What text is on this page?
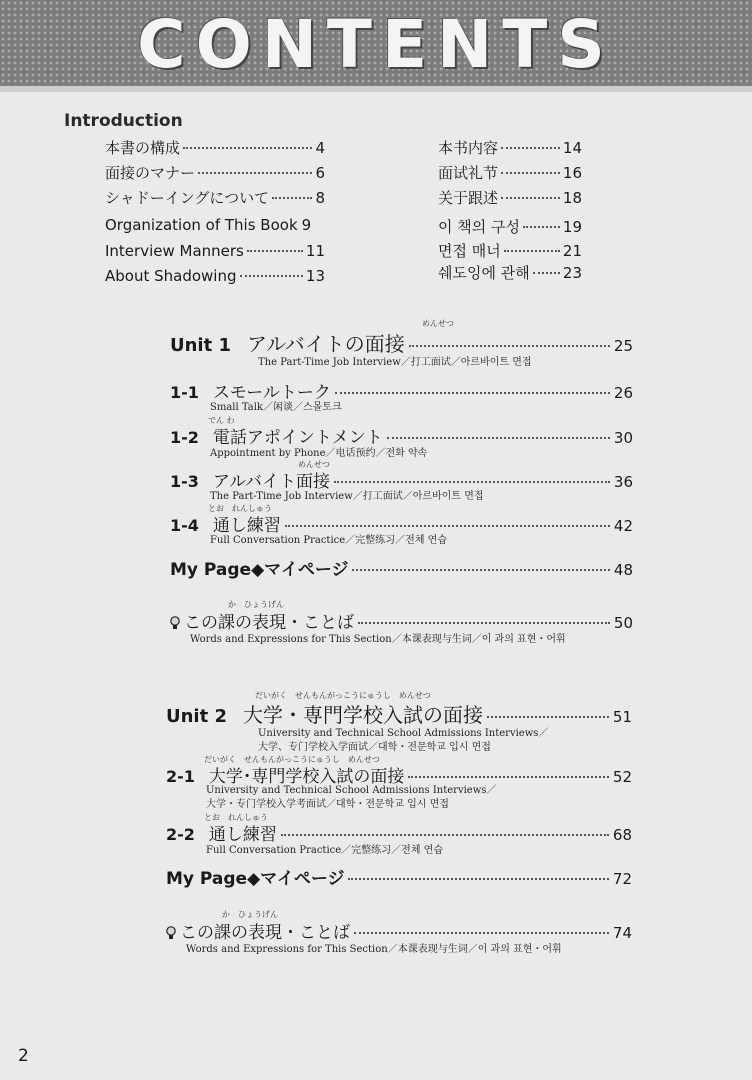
CONTENTS
Introduction
本書の構成	4
面接のマナー	6
シャドーイングについて	8
Organization of This Book 9
Interview Manners	11
About Shadowing	13
本书内容	14
面试礼节	16
关于跟述	18
이 책의 구성	19
면접 매너	21
쉐도잉에 관해 23
めんせつ
Unit 1 アルバイトの面接	25
The Part-Time Job Interview／打工面试／아르바이트 면접
1-1 スモールトーク	26
Small Talk／闲谈／스몰토크
でん わ
1-2 電話アポイントメント	30
Appointment by Phone／电话预约／전화 약속
めんせつ
1-3 アルバイト面接	36
The Part-Time Job Interview／打工面试／아르바이트 면접
とお　れんしゅう
1-4 通し練習	42
Full Conversation Practice／完整练习／전체 연습
My Page◆マイページ	48
か　ひょうげん
この課の表現・ことば	50
Words and Expressions for This Section／本课表现与生词／이 과의 표현・어휘
だいがく　せんもんがっこうにゅうし　めんせつ
Unit 2 大学・専門学校入試の面接	51
University and Technical School Admissions Interviews／
大学、专门学校入学面试／대학・전문학교 입시 면접
だいがく　せんもんがっこうにゅうし　めんせつ
2-1 大学･専門学校入試の面接	52
University and Technical School Admissions Interviews／
大学・专门学校入学考面试／대학・전문학교 입시 면접
とお　れんしゅう
2-2 通し練習	68
Full Conversation Practice／完整练习／전체 연습
My Page◆マイページ	72
か　ひょうげん
この課の表現・ことば	74
Words and Expressions for This Section／本课表现与生词／이 과의 표현・어휘
2
